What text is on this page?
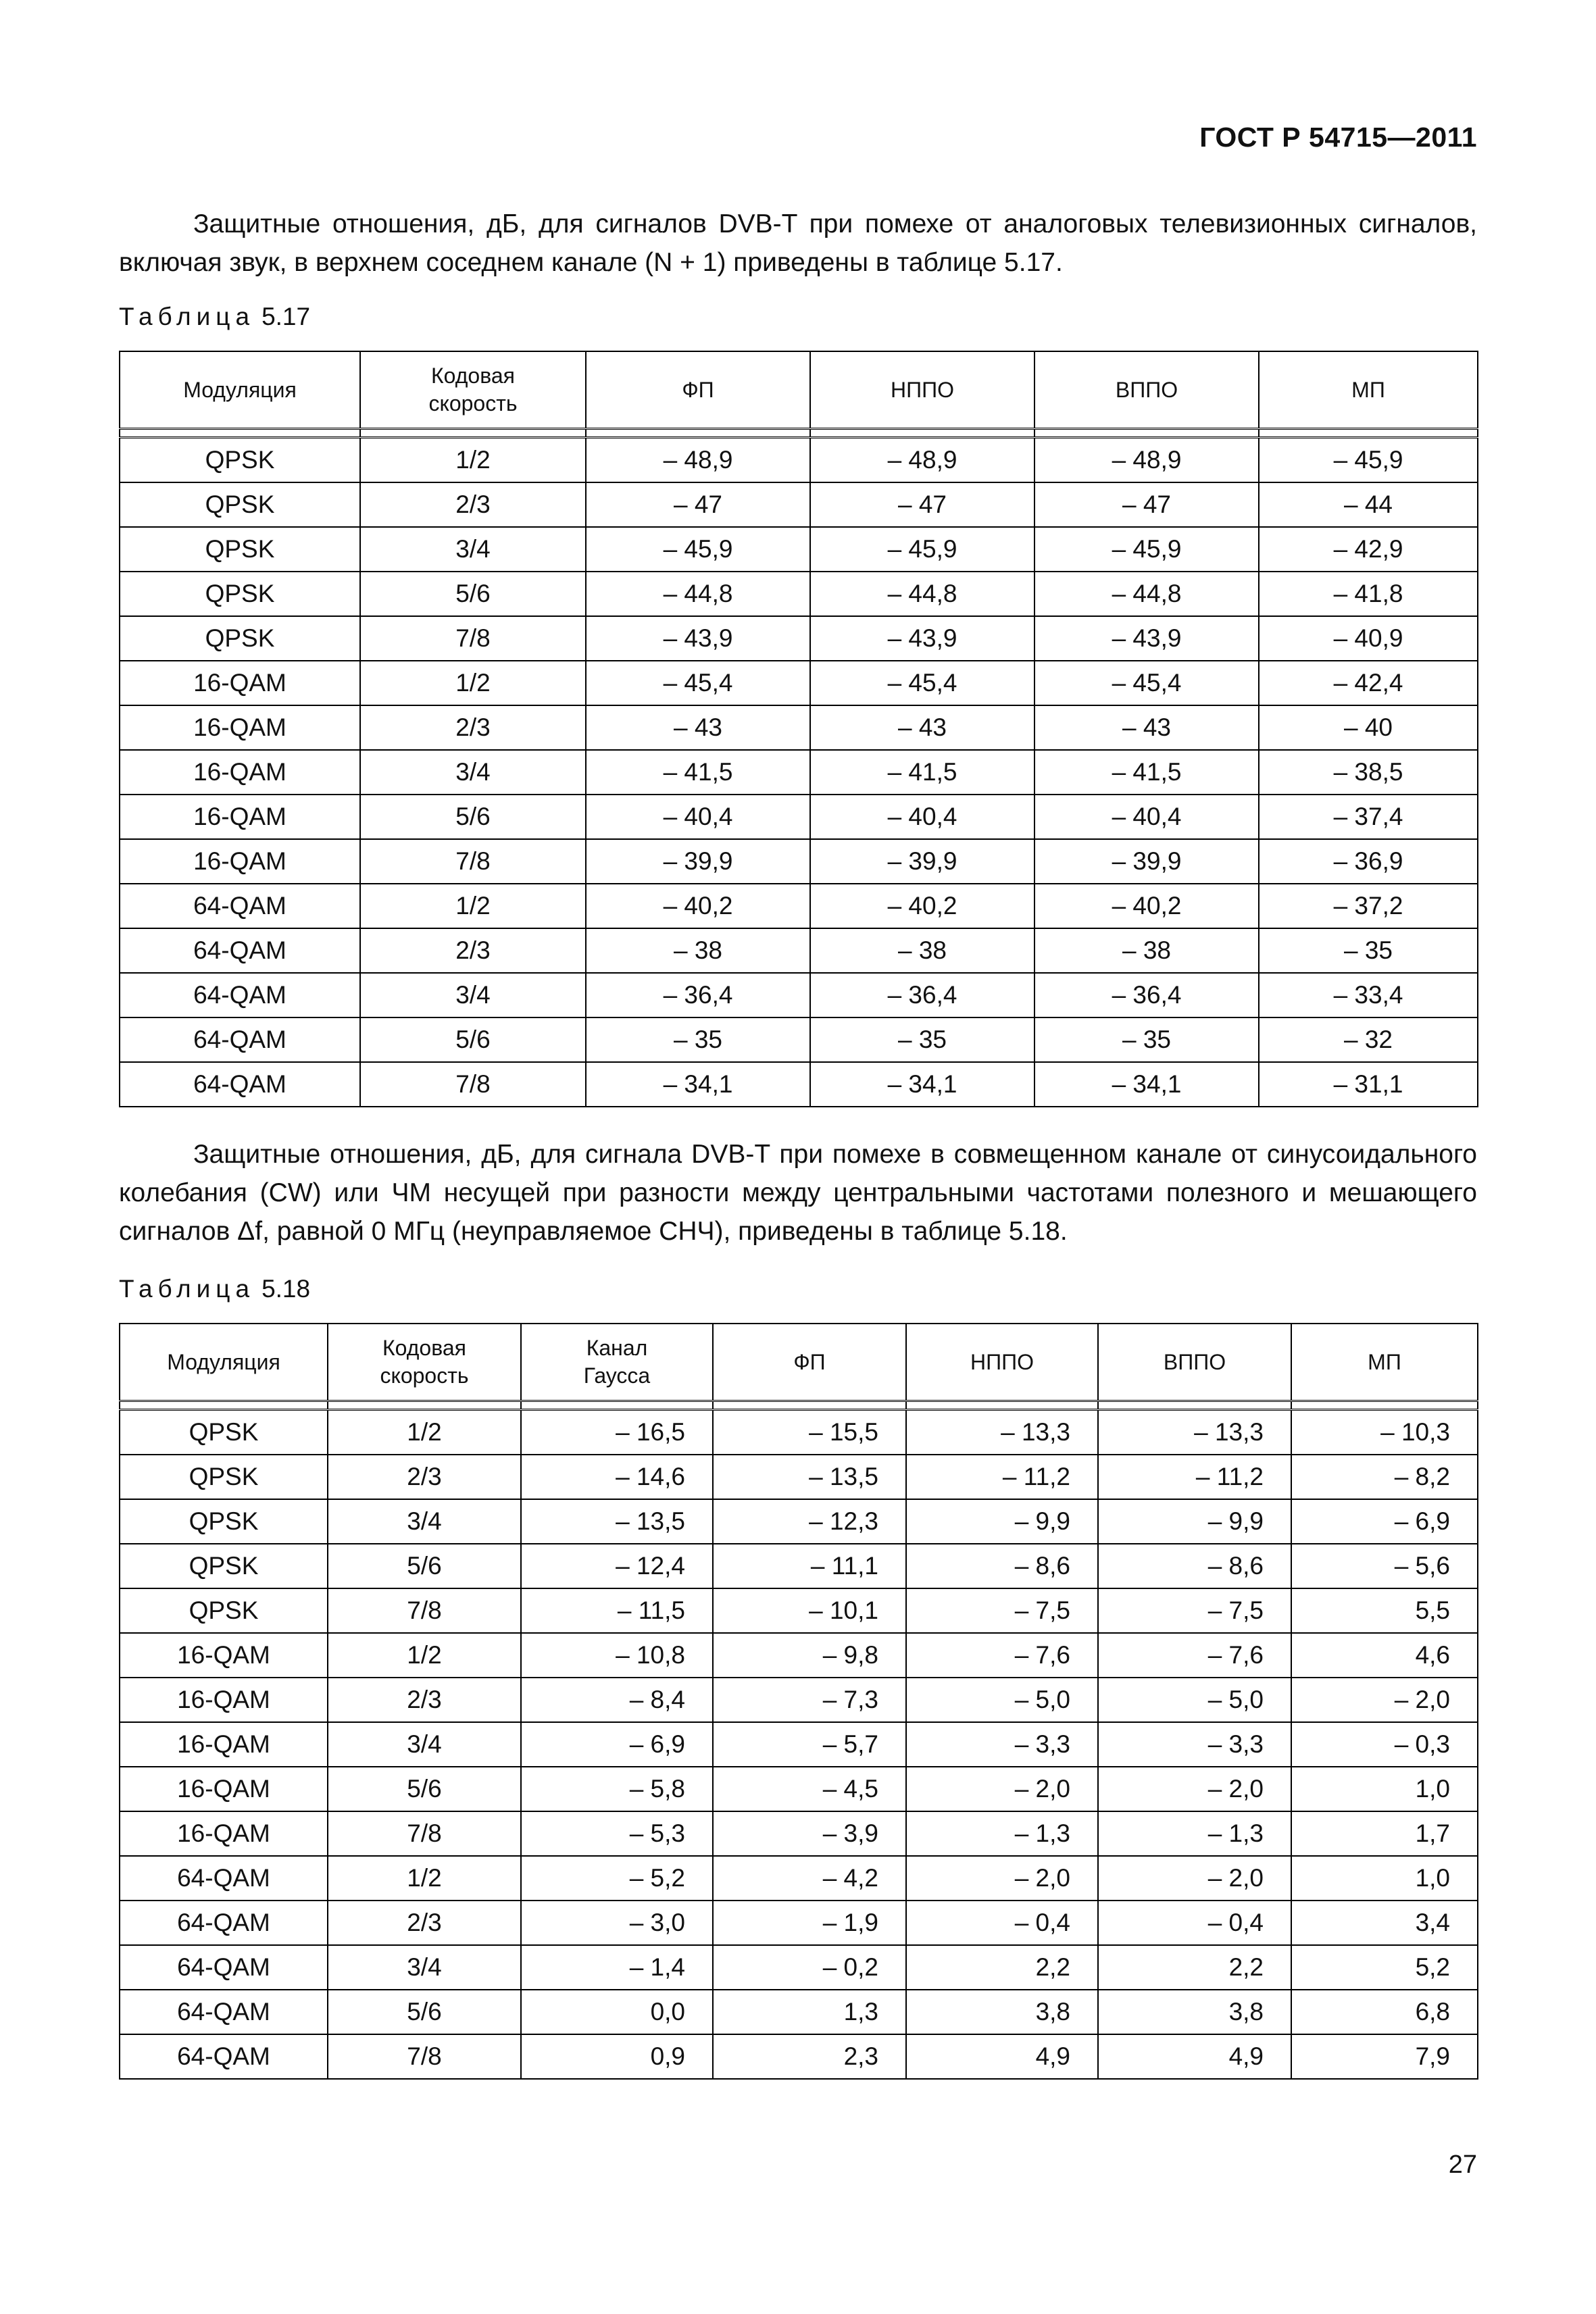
ГОСТ Р 54715—2011
Защитные отношения, дБ, для сигналов DVB-T при помехе от аналоговых телевизионных сигналов, включая звук, в верхнем соседнем канале (N + 1) приведены в таблице 5.17.
Таблица 5.17
Модуляция	Кодовая скорость	ФП	НППО	ВППО	МП

QPSK	1/2	– 48,9	– 48,9	– 48,9	– 45,9
QPSK	2/3	– 47	– 47	– 47	– 44
QPSK	3/4	– 45,9	– 45,9	– 45,9	– 42,9
QPSK	5/6	– 44,8	– 44,8	– 44,8	– 41,8
QPSK	7/8	– 43,9	– 43,9	– 43,9	– 40,9
16-QAM	1/2	– 45,4	– 45,4	– 45,4	– 42,4
16-QAM	2/3	– 43	– 43	– 43	– 40
16-QAM	3/4	– 41,5	– 41,5	– 41,5	– 38,5
16-QAM	5/6	– 40,4	– 40,4	– 40,4	– 37,4
16-QAM	7/8	– 39,9	– 39,9	– 39,9	– 36,9
64-QAM	1/2	– 40,2	– 40,2	– 40,2	– 37,2
64-QAM	2/3	– 38	– 38	– 38	– 35
64-QAM	3/4	– 36,4	– 36,4	– 36,4	– 33,4
64-QAM	5/6	– 35	– 35	– 35	– 32
64-QAM	7/8	– 34,1	– 34,1	– 34,1	– 31,1
Защитные отношения, дБ, для сигнала DVB-T при помехе в совмещенном канале от синусоидального колебания (CW) или ЧМ несущей при разности между центральными частотами полезного и мешающего сигналов Δf, равной 0 МГц (неуправляемое СНЧ), приведены в таблице 5.18.
Таблица 5.18
Модуляция	Кодовая скорость	Канал Гаусса	ФП	НППО	ВППО	МП

QPSK	1/2	– 16,5	– 15,5	– 13,3	– 13,3	– 10,3
QPSK	2/3	– 14,6	– 13,5	– 11,2	– 11,2	– 8,2
QPSK	3/4	– 13,5	– 12,3	– 9,9	– 9,9	– 6,9
QPSK	5/6	– 12,4	– 11,1	– 8,6	– 8,6	– 5,6
QPSK	7/8	– 11,5	– 10,1	– 7,5	– 7,5	5,5
16-QAM	1/2	– 10,8	– 9,8	– 7,6	– 7,6	4,6
16-QAM	2/3	– 8,4	– 7,3	– 5,0	– 5,0	– 2,0
16-QAM	3/4	– 6,9	– 5,7	– 3,3	– 3,3	– 0,3
16-QAM	5/6	– 5,8	– 4,5	– 2,0	– 2,0	1,0
16-QAM	7/8	– 5,3	– 3,9	– 1,3	– 1,3	1,7
64-QAM	1/2	– 5,2	– 4,2	– 2,0	– 2,0	1,0
64-QAM	2/3	– 3,0	– 1,9	– 0,4	– 0,4	3,4
64-QAM	3/4	– 1,4	– 0,2	2,2	2,2	5,2
64-QAM	5/6	0,0	1,3	3,8	3,8	6,8
64-QAM	7/8	0,9	2,3	4,9	4,9	7,9
27
